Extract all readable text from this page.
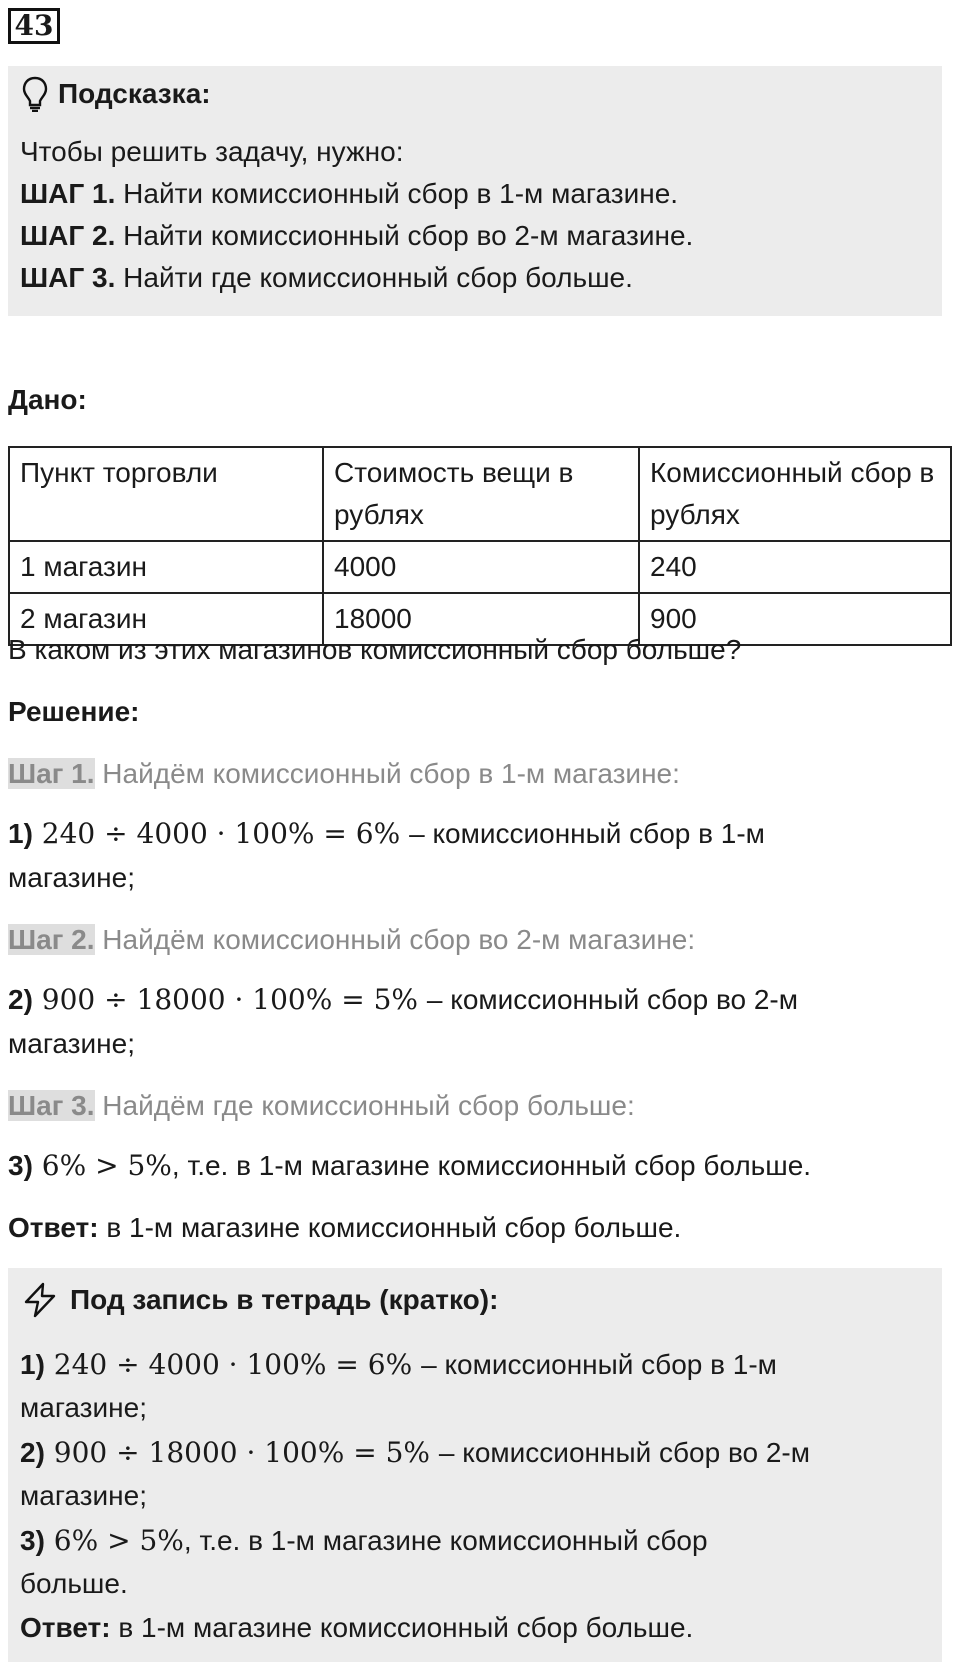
43
Подсказка:
Чтобы решить задачу, нужно:
ШАГ 1. Найти комиссионный сбор в 1-м магазине.
ШАГ 2. Найти комиссионный сбор во 2-м магазине.
ШАГ 3. Найти где комиссионный сбор больше.
Дано:
Пункт торговли	Стоимость вещи в рублях	Комиссионный сбор в рублях
1 магазин	4000	240
2 магазин	18000	900
В каком из этих магазинов комиссионный сбор больше?
Решение:
Шаг 1. Найдём комиссионный сбор в 1-м магазине:
1) 240 ÷ 4000 · 100% = 6% – комиссионный сбор в 1-м
магазине;
Шаг 2. Найдём комиссионный сбор во 2-м магазине:
2) 900 ÷ 18000 · 100% = 5% – комиссионный сбор во 2-м
магазине;
Шаг 3. Найдём где комиссионный сбор больше:
3) 6% > 5%, т.е. в 1-м магазине комиссионный сбор больше.
Ответ: в 1-м магазине комиссионный сбор больше.
Под запись в тетрадь (кратко):
1) 240 ÷ 4000 · 100% = 6% – комиссионный сбор в 1-м
магазине;
2) 900 ÷ 18000 · 100% = 5% – комиссионный сбор во 2-м
магазине;
3) 6% > 5%, т.е. в 1-м магазине комиссионный сбор
больше.
Ответ: в 1-м магазине комиссионный сбор больше.
